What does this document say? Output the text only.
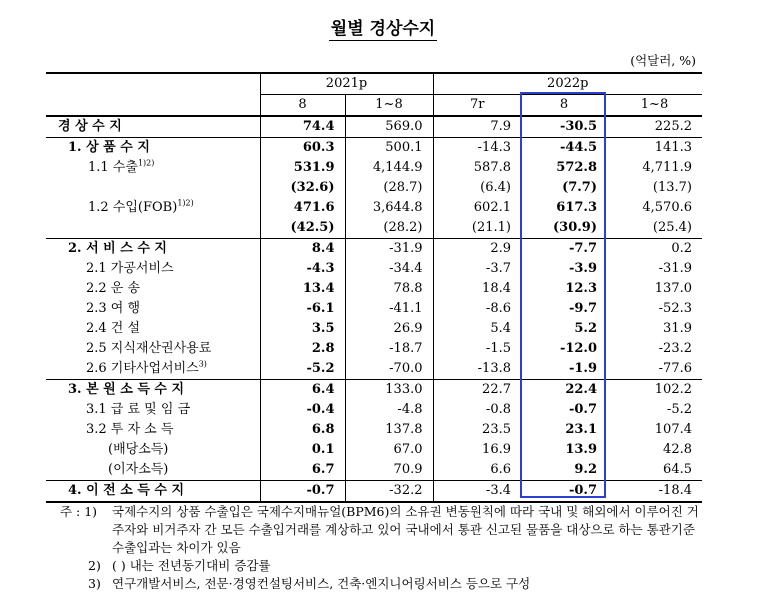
월별 경상수지
(억달러, %)
	2021p		2022p		
	8	1~8	7r	8	1~8
경 상 수 지	74.4	569.0	7.9	-30.5	225.2
1. 상 품 수 지	60.3	500.1	-14.3	-44.5	141.3
1.1 수출$^{1)2)}$	531.9	4,144.9	587.8	572.8	4,711.9
	(32.6)	(28.7)	(6.4)	(7.7)	(13.7)
1.2 수입(FOB)$^{1)2)}$	471.6	3,644.8	602.1	617.3	4,570.6
	(42.5)	(28.2)	(21.1)	(30.9)	(25.4)
2. 서 비 스 수 지	8.4	-31.9	2.9	-7.7	0.2
2.1 가공서비스	-4.3	-34.4	-3.7	-3.9	-31.9
2.2 운 송	13.4	78.8	18.4	12.3	137.0
2.3 여 행	-6.1	-41.1	-8.6	-9.7	-52.3
2.4 건 설	3.5	26.9	5.4	5.2	31.9
2.5 지식재산권사용료	2.8	-18.7	-1.5	-12.0	-23.2
2.6 기타사업서비스$^{3)}$	-5.2	-70.0	-13.8	-1.9	-77.6
3. 본 원 소 득 수 지	6.4	133.0	22.7	22.4	102.2
3.1 급 료 및 임 금	-0.4	-4.8	-0.8	-0.7	-5.2
3.2 투 자 소 득	6.8	137.8	23.5	23.1	107.4
(배당소득)	0.1	67.0	16.9	13.9	42.8
(이자소득)	6.7	70.9	6.6	9.2	64.5
4. 이 전 소 득 수 지	-0.7	-32.2	-3.4	-0.7	-18.4
주 : 1) 국제수지의 상품 수출입은 국제수지매뉴얼(BPM6)의 소유권 변동원칙에 따라 국내 및 해외에서 이루어진 거주자와 비거주자 간 모든 수출입거래를 계상하고 있어 국내에서 통관 신고된 물품을 대상으로 하는 통관기준 수출입과는 차이가 있음
2) ( ) 내는 전년동기대비 증감률
3) 연구개발서비스, 전문·경영컨설팅서비스, 건축·엔지니어링서비스 등으로 구성
